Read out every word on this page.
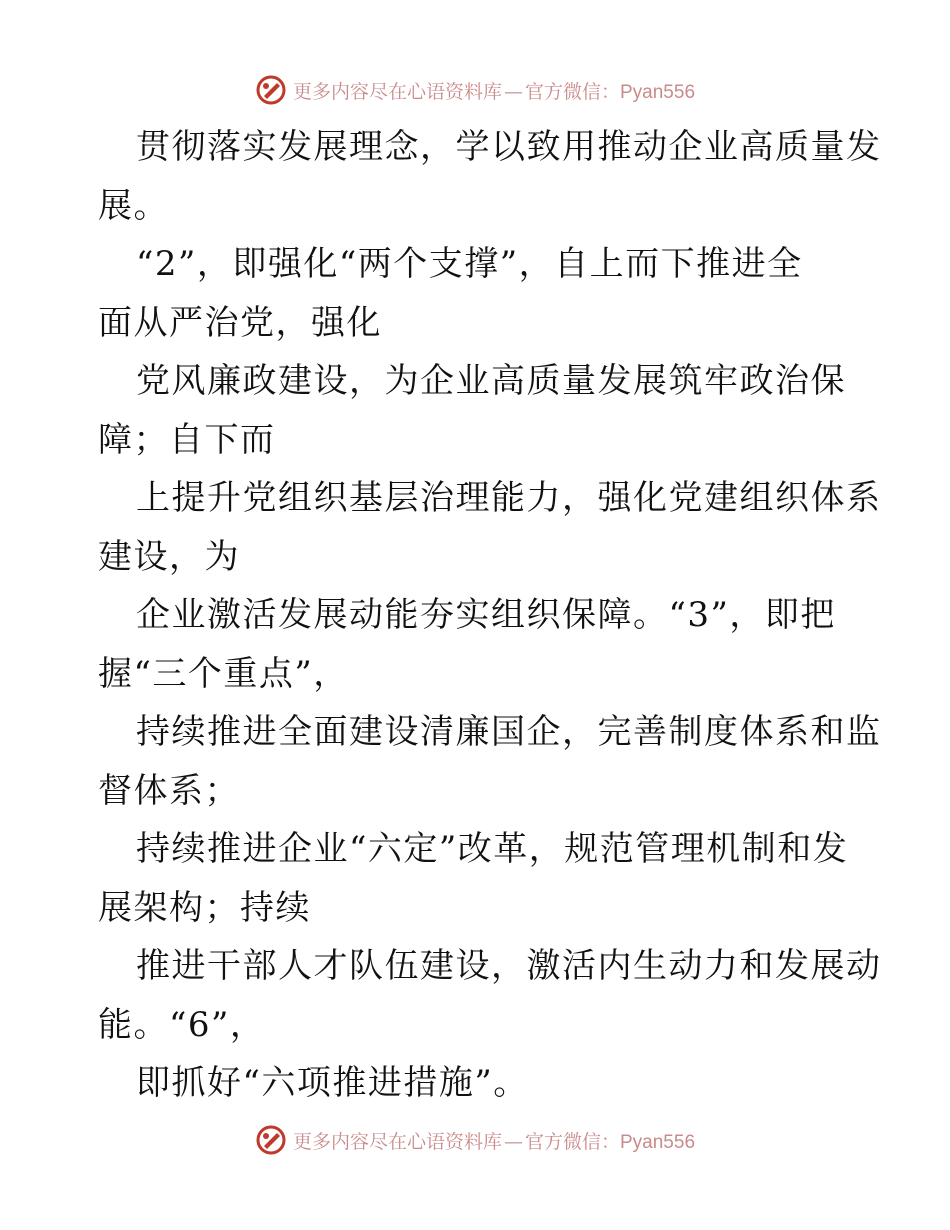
更多内容尽在心语资料库 — 官方微信：Pyan556
贯彻落实发展理念，学以致用推动企业高质量发
展。
“2”，即强化“两个支撑”，自上而下推进全
面从严治党，强化
党风廉政建设，为企业高质量发展筑牢政治保
障；自下而
上提升党组织基层治理能力，强化党建组织体系
建设，为
企业激活发展动能夯实组织保障。“3”，即把
握“三个重点”，
持续推进全面建设清廉国企，完善制度体系和监
督体系；
持续推进企业“六定”改革，规范管理机制和发
展架构；持续
推进干部人才队伍建设，激活内生动力和发展动
能。“6”，
即抓好“六项推进措施”。
更多内容尽在心语资料库 — 官方微信：Pyan556
